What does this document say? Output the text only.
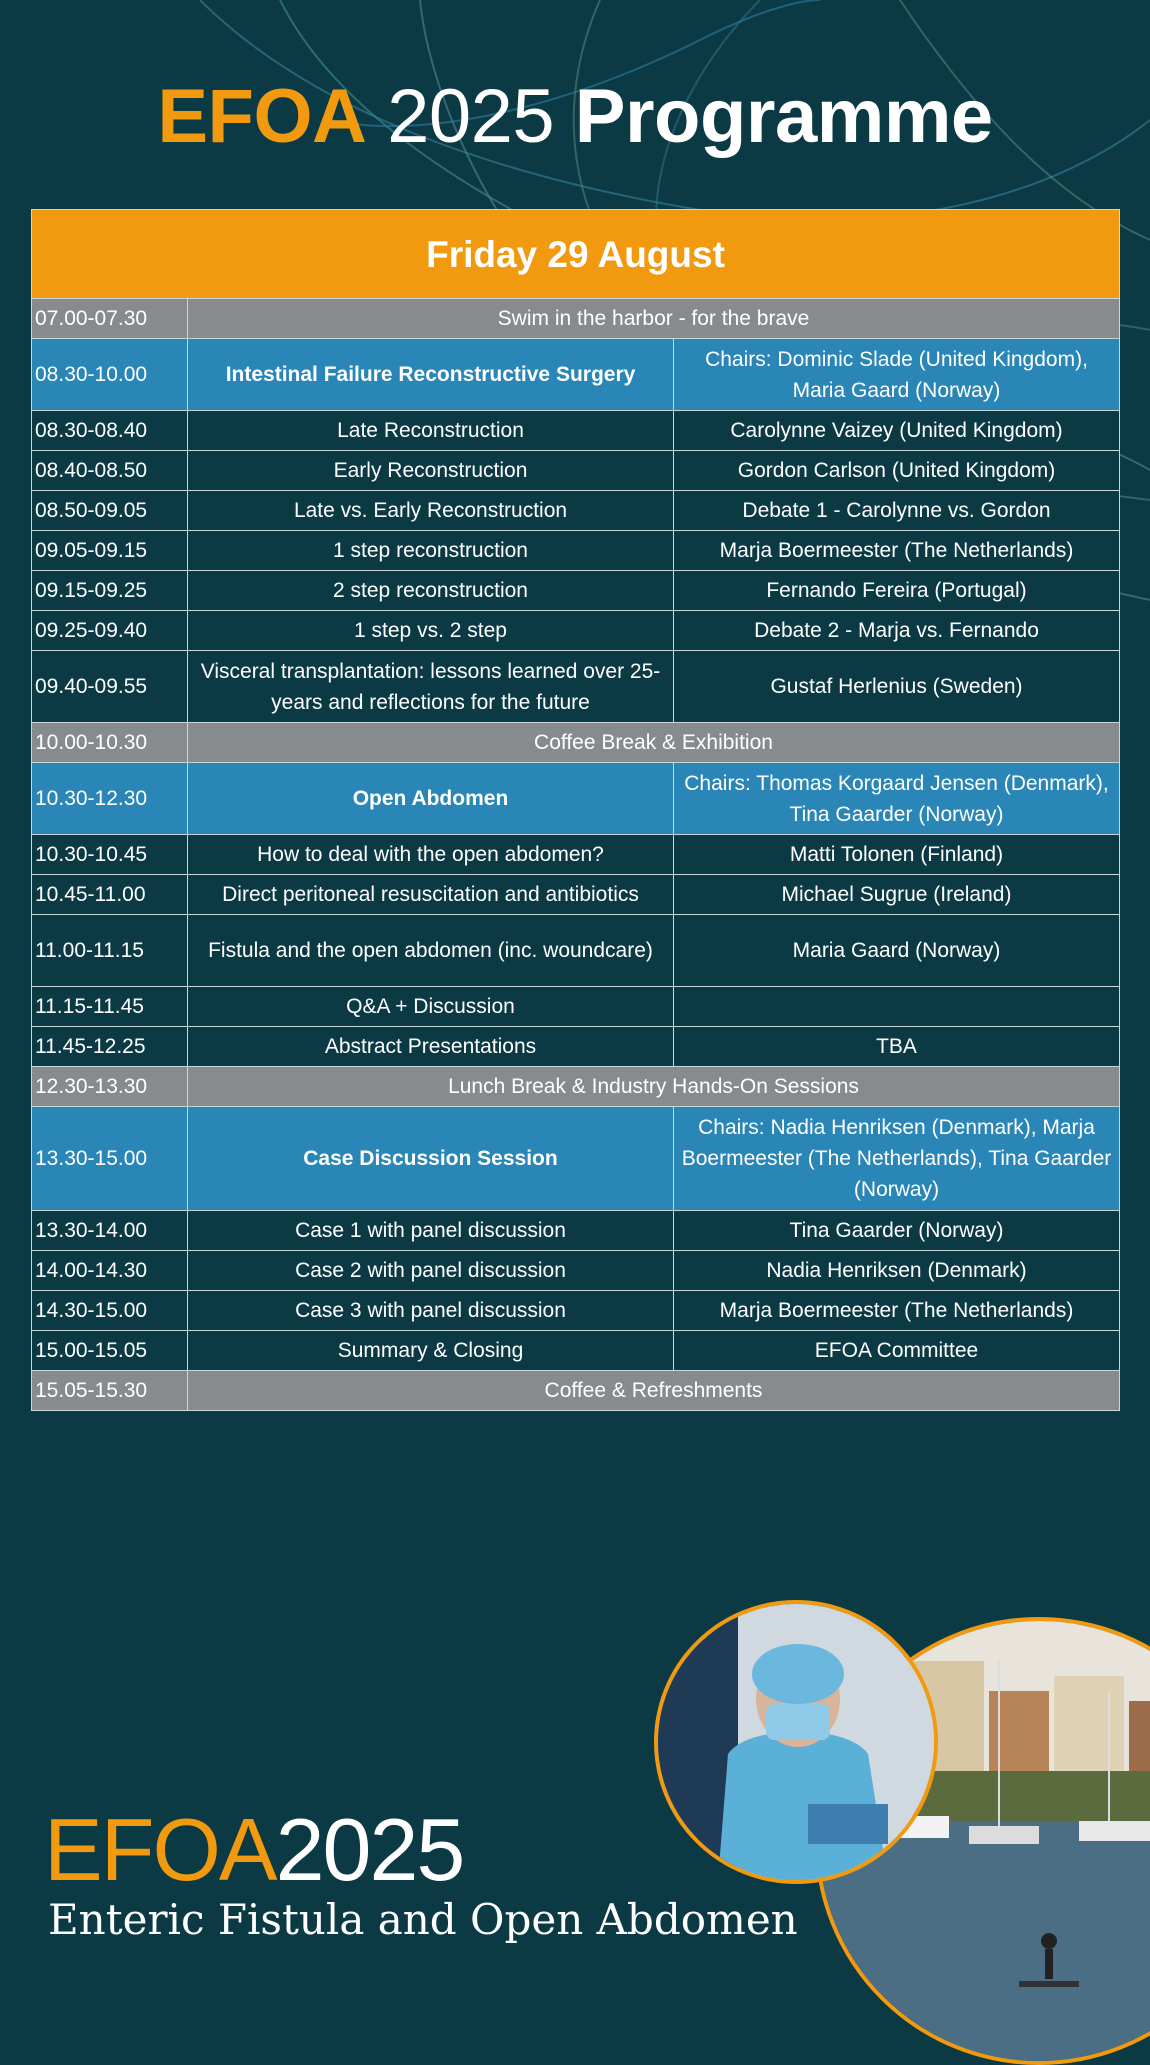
EFOA 2025 Programme
Friday 29 August		
07.00-07.30	Swim in the harbor - for the brave	
08.30-10.00	Intestinal Failure Reconstructive Surgery	Chairs: Dominic Slade (United Kingdom), Maria Gaard (Norway)
08.30-08.40	Late Reconstruction	Carolynne Vaizey (United Kingdom)
08.40-08.50	Early Reconstruction	Gordon Carlson (United Kingdom)
08.50-09.05	Late vs. Early Reconstruction	Debate 1 - Carolynne vs. Gordon
09.05-09.15	1 step reconstruction	Marja Boermeester (The Netherlands)
09.15-09.25	2 step reconstruction	Fernando Fereira (Portugal)
09.25-09.40	1 step vs. 2 step	Debate 2 - Marja vs. Fernando
09.40-09.55	Visceral transplantation: lessons learned over 25-years and reflections for the future	Gustaf Herlenius (Sweden)
10.00-10.30	Coffee Break & Exhibition	
10.30-12.30	Open Abdomen	Chairs: Thomas Korgaard Jensen (Denmark), Tina Gaarder (Norway)
10.30-10.45	How to deal with the open abdomen?	Matti Tolonen (Finland)
10.45-11.00	Direct peritoneal resuscitation and antibiotics	Michael Sugrue (Ireland)
11.00-11.15	Fistula and the open abdomen (inc. woundcare)	Maria Gaard (Norway)
11.15-11.45	Q&A + Discussion	
11.45-12.25	Abstract Presentations	TBA
12.30-13.30	Lunch Break & Industry Hands-On Sessions	
13.30-15.00	Case Discussion Session	Chairs: Nadia Henriksen (Denmark), Marja Boermeester (The Netherlands), Tina Gaarder (Norway)
13.30-14.00	Case 1 with panel discussion	Tina Gaarder (Norway)
14.00-14.30	Case 2 with panel discussion	Nadia Henriksen (Denmark)
14.30-15.00	Case 3 with panel discussion	Marja Boermeester (The Netherlands)
15.00-15.05	Summary & Closing	EFOA Committee
15.05-15.30	Coffee & Refreshments	
EFOA2025
Enteric Fistula and Open Abdomen
